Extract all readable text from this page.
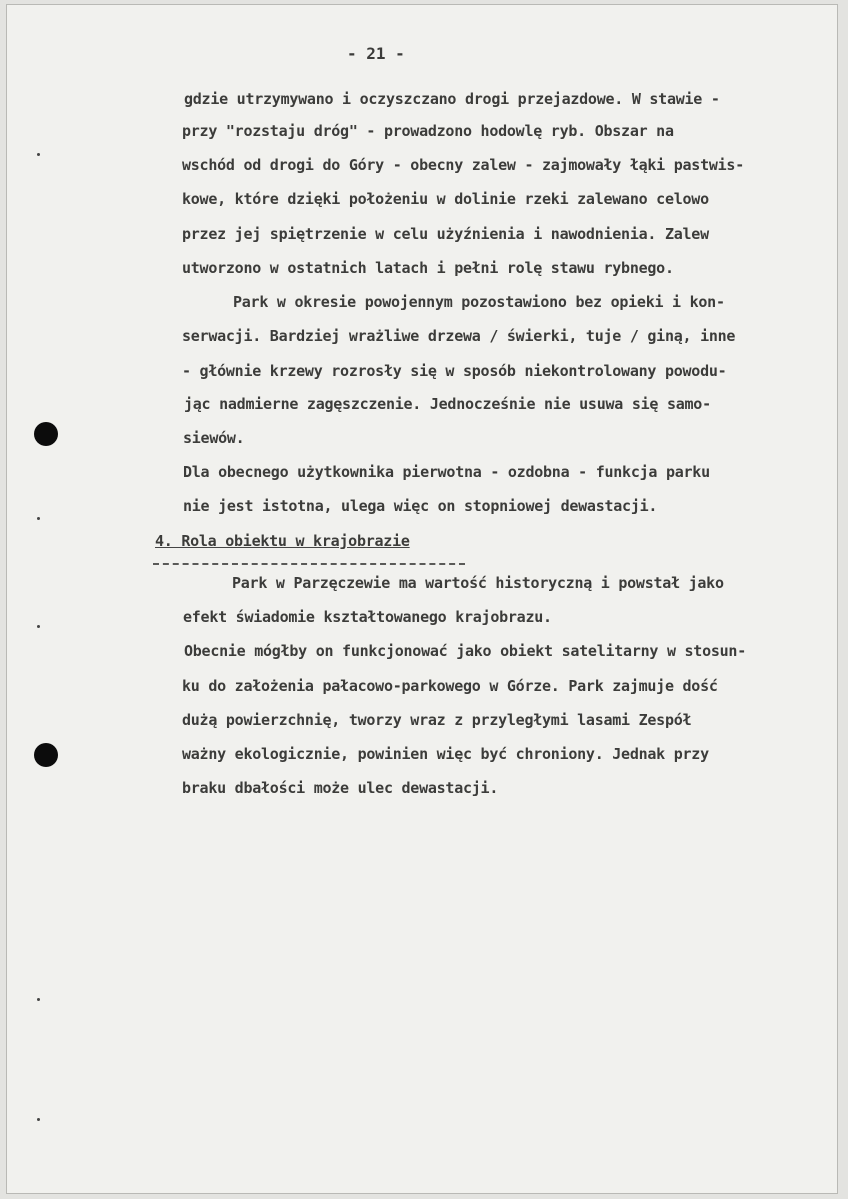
- 21 -
gdzie utrzymywano i oczyszczano drogi przejazdowe. W stawie -
przy "rozstaju dróg" - prowadzono hodowlę ryb. Obszar na
wschód od drogi do Góry - obecny zalew - zajmowały łąki pastwis-
kowe, które dzięki położeniu w dolinie rzeki zalewano celowo
przez jej spiętrzenie w celu użyźnienia i nawodnienia. Zalew
utworzono w ostatnich latach i pełni rolę stawu rybnego.
Park w okresie powojennym pozostawiono bez opieki i kon-
serwacji. Bardziej wrażliwe drzewa / świerki, tuje / giną, inne
- głównie krzewy rozrosły się w sposób niekontrolowany powodu-
jąc nadmierne zagęszczenie. Jednocześnie nie usuwa się samo-
siewów.
Dla obecnego użytkownika pierwotna - ozdobna - funkcja parku
nie jest istotna, ulega więc on stopniowej dewastacji.
4. Rola obiektu w krajobrazie
Park w Parzęczewie ma wartość historyczną i powstał jako
efekt świadomie kształtowanego krajobrazu.
Obecnie mógłby on funkcjonować jako obiekt satelitarny w stosun-
ku do założenia pałacowo-parkowego w Górze. Park zajmuje dość
dużą powierzchnię, tworzy wraz z przyległymi lasami Zespół
ważny ekologicznie, powinien więc być chroniony. Jednak przy
braku dbałości może ulec dewastacji.
